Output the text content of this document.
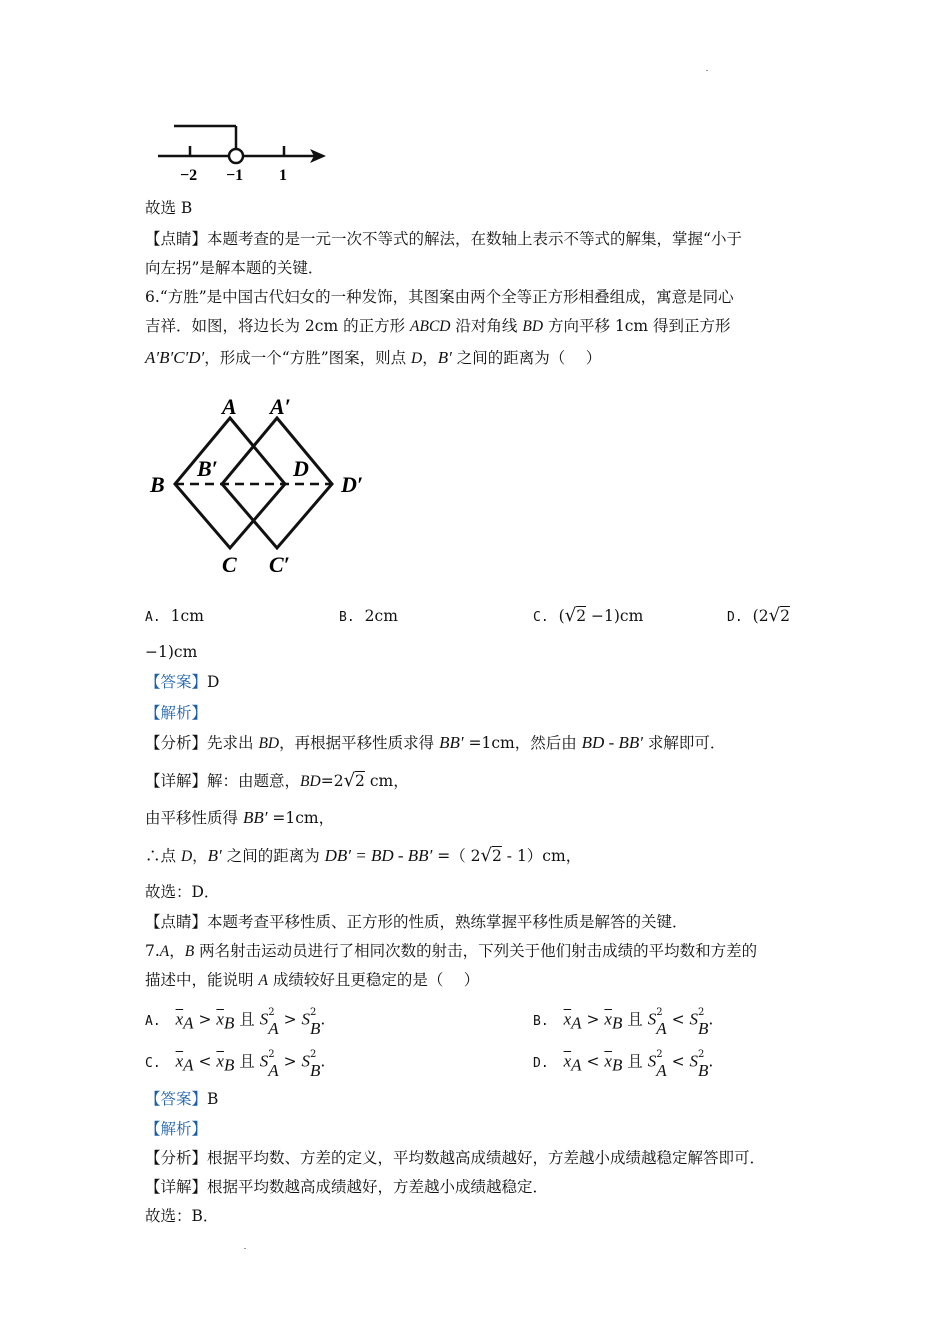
−2 −1 1
故选 B
【点睛】本题考查的是一元一次不等式的解法，在数轴上表示不等式的解集，掌握“小于
向左拐”是解本题的关键．
6.“方胜”是中国古代妇女的一种发饰，其图案由两个全等正方形相叠组成，寓意是同心
吉祥．如图，将边长为 2cm 的正方形 ABCD 沿对角线 BD 方向平移 1cm 得到正方形
A′B′C′D′，形成一个“方胜”图案，则点 D，B′ 之间的距离为（　 ）
A A′
B
B′	D
D′
C C′
A. 1cm	B. 2cm	C. (√2 −1)cm	D. (2√2
−1)cm
【答案】D
【解析】
【分析】先求出 BD，再根据平移性质求得 BB′ =1cm，然后由 BD - BB′ 求解即可．
【详解】解：由题意，BD=2√2 cm，
由平移性质得 BB′ =1cm，
∴点 D，B′ 之间的距离为 DB′ = BD - BB′ =（ 2√2 - 1）cm，
故选：D．
【点睛】本题考查平移性质、正方形的性质，熟练掌握平移性质是解答的关键．
7.A，B 两名射击运动员进行了相同次数的射击，下列关于他们射击成绩的平均数和方差的
描述中，能说明 A 成绩较好且更稳定的是（　 ）
A. $\overline{x}_A > \overline{x}_B$ 且 $S^2$
$_A > S^2$
$_B$.	B. $\overline{x}_A > \overline{x}_B$ 且 $S^2$
$_A < S^2$
$_B$.
C. $\overline{x}_A < \overline{x}_B$ 且 $S^2$
$_A > S^2$
$_B$.	D. $\overline{x}_A < \overline{x}_B$ 且 $S^2$
$_A < S^2$
$_B$.
【答案】B
【解析】
【分析】根据平均数、方差的定义，平均数越高成绩越好，方差越小成绩越稳定解答即可．
【详解】根据平均数越高成绩越好，方差越小成绩越稳定．
故选：B．
